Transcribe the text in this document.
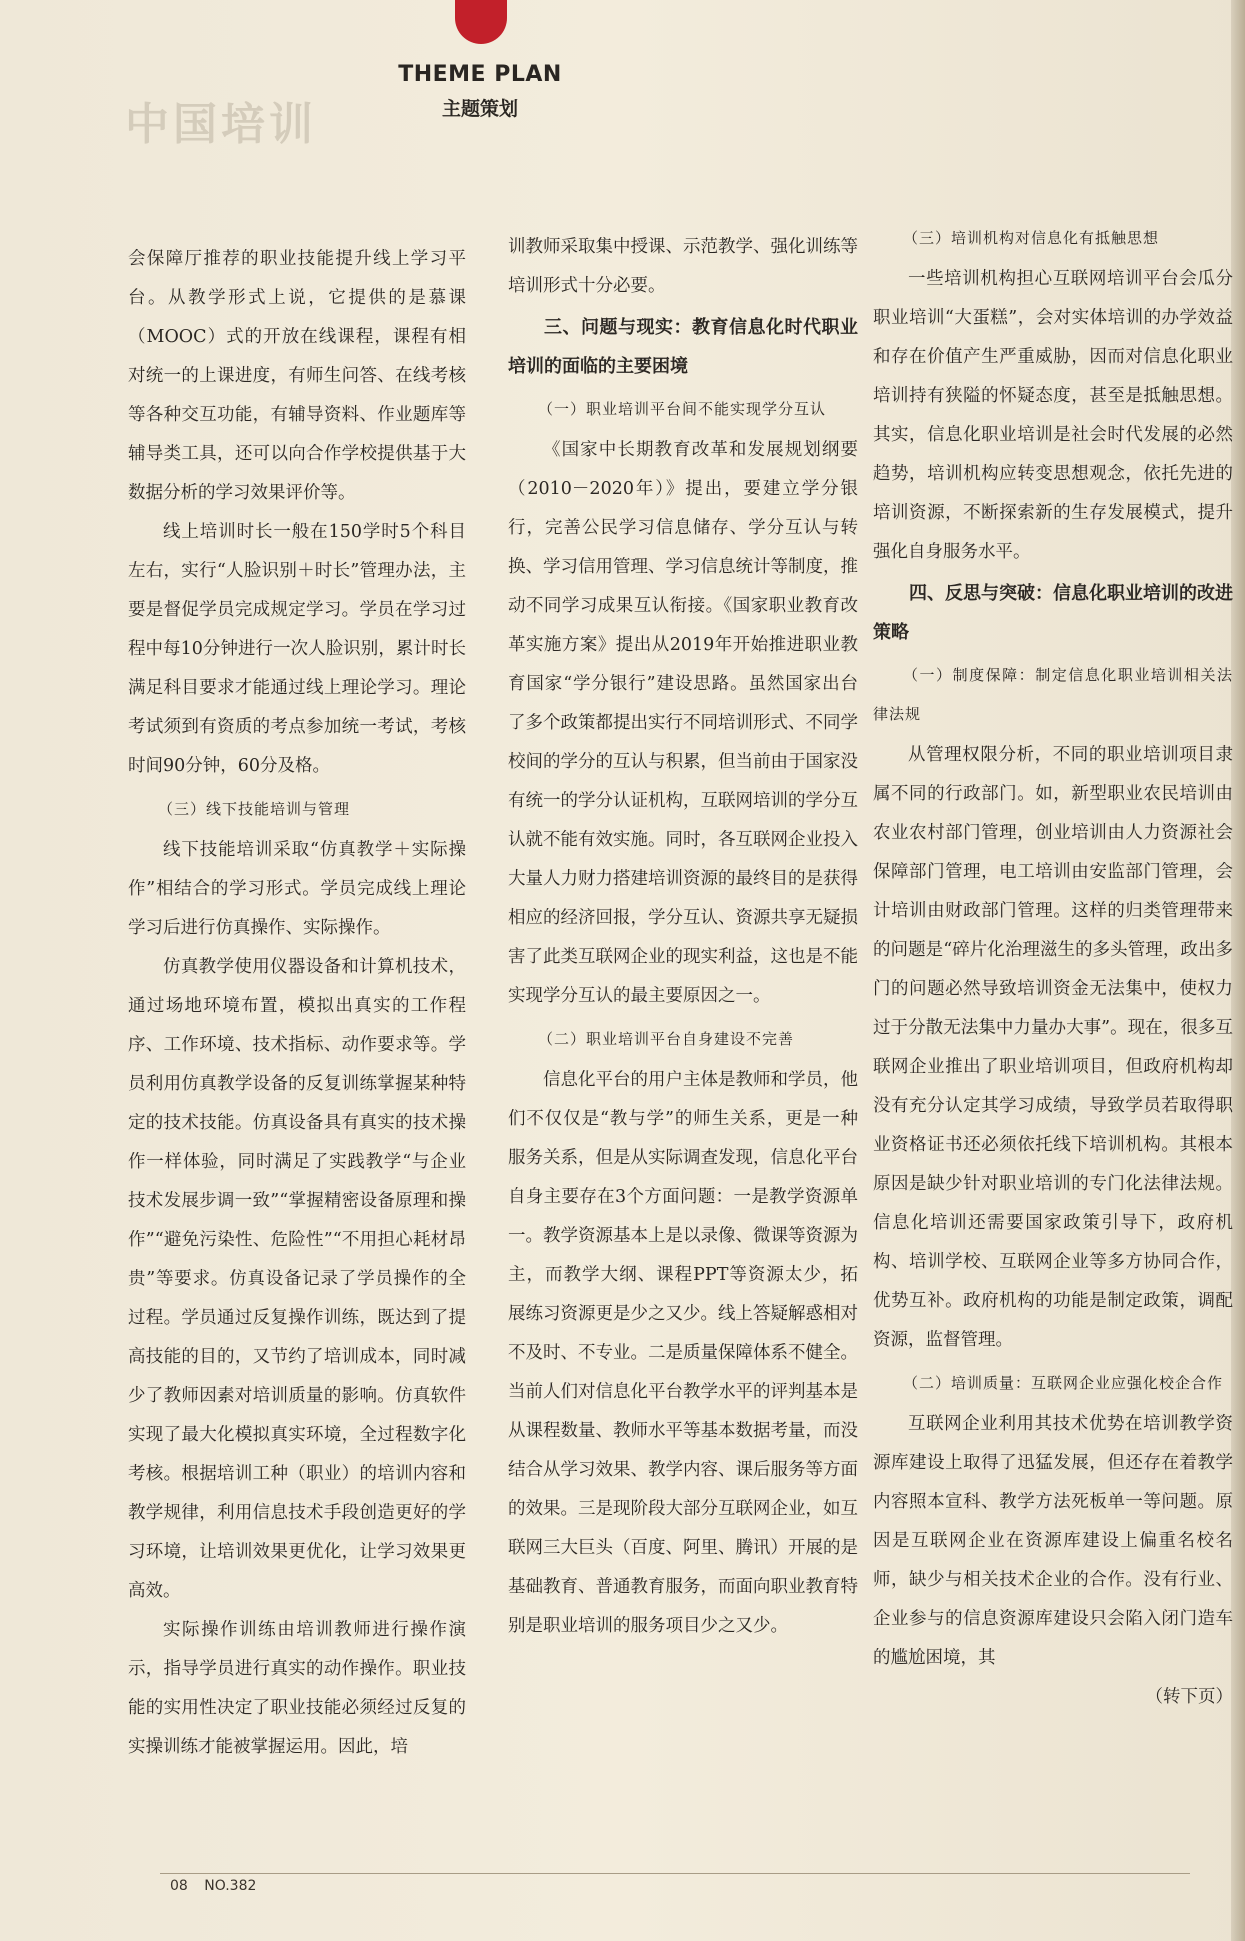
中国培训
THEME PLAN
主题策划

会保障厅推荐的职业技能提升线上学习平台。从教学形式上说，它提供的是慕课（MOOC）式的开放在线课程，课程有相对统一的上课进度，有师生问答、在线考核等各种交互功能，有辅导资料、作业题库等辅导类工具，还可以向合作学校提供基于大数据分析的学习效果评价等。

线上培训时长一般在150学时5个科目左右，实行“人脸识别＋时长”管理办法，主要是督促学员完成规定学习。学员在学习过程中每10分钟进行一次人脸识别，累计时长满足科目要求才能通过线上理论学习。理论考试须到有资质的考点参加统一考试，考核时间90分钟，60分及格。

（三）线下技能培训与管理

线下技能培训采取“仿真教学＋实际操作”相结合的学习形式。学员完成线上理论学习后进行仿真操作、实际操作。

仿真教学使用仪器设备和计算机技术，通过场地环境布置，模拟出真实的工作程序、工作环境、技术指标、动作要求等。学员利用仿真教学设备的反复训练掌握某种特定的技术技能。仿真设备具有真实的技术操作一样体验，同时满足了实践教学“与企业技术发展步调一致”“掌握精密设备原理和操作”“避免污染性、危险性”“不用担心耗材昂贵”等要求。仿真设备记录了学员操作的全过程。学员通过反复操作训练，既达到了提高技能的目的，又节约了培训成本，同时减少了教师因素对培训质量的影响。仿真软件实现了最大化模拟真实环境，全过程数字化考核。根据培训工种（职业）的培训内容和教学规律，利用信息技术手段创造更好的学习环境，让培训效果更优化，让学习效果更高效。

实际操作训练由培训教师进行操作演示，指导学员进行真实的动作操作。职业技能的实用性决定了职业技能必须经过反复的实操训练才能被掌握运用。因此，培

训教师采取集中授课、示范教学、强化训练等培训形式十分必要。

三、问题与现实：教育信息化时代职业培训的面临的主要困境
（一）职业培训平台间不能实现学分互认

《国家中长期教育改革和发展规划纲要（2010－2020年）》提出，要建立学分银行，完善公民学习信息储存、学分互认与转换、学习信用管理、学习信息统计等制度，推动不同学习成果互认衔接。《国家职业教育改革实施方案》提出从2019年开始推进职业教育国家“学分银行”建设思路。虽然国家出台了多个政策都提出实行不同培训形式、不同学校间的学分的互认与积累，但当前由于国家没有统一的学分认证机构，互联网培训的学分互认就不能有效实施。同时，各互联网企业投入大量人力财力搭建培训资源的最终目的是获得相应的经济回报，学分互认、资源共享无疑损害了此类互联网企业的现实利益，这也是不能实现学分互认的最主要原因之一。

（二）职业培训平台自身建设不完善

信息化平台的用户主体是教师和学员，他们不仅仅是“教与学”的师生关系，更是一种服务关系，但是从实际调查发现，信息化平台自身主要存在3个方面问题：一是教学资源单一。教学资源基本上是以录像、微课等资源为主，而教学大纲、课程PPT等资源太少，拓展练习资源更是少之又少。线上答疑解惑相对不及时、不专业。二是质量保障体系不健全。当前人们对信息化平台教学水平的评判基本是从课程数量、教师水平等基本数据考量，而没结合从学习效果、教学内容、课后服务等方面的效果。三是现阶段大部分互联网企业，如互联网三大巨头（百度、阿里、腾讯）开展的是基础教育、普通教育服务，而面向职业教育特别是职业培训的服务项目少之又少。

（三）培训机构对信息化有抵触思想

一些培训机构担心互联网培训平台会瓜分职业培训“大蛋糕”，会对实体培训的办学效益和存在价值产生严重威胁，因而对信息化职业培训持有狭隘的怀疑态度，甚至是抵触思想。其实，信息化职业培训是社会时代发展的必然趋势，培训机构应转变思想观念，依托先进的培训资源，不断探索新的生存发展模式，提升强化自身服务水平。

四、反思与突破：信息化职业培训的改进策略
（一）制度保障：制定信息化职业培训相关法律法规

从管理权限分析，不同的职业培训项目隶属不同的行政部门。如，新型职业农民培训由农业农村部门管理，创业培训由人力资源社会保障部门管理，电工培训由安监部门管理，会计培训由财政部门管理。这样的归类管理带来的问题是“碎片化治理滋生的多头管理，政出多门的问题必然导致培训资金无法集中，使权力过于分散无法集中力量办大事”。现在，很多互联网企业推出了职业培训项目，但政府机构却没有充分认定其学习成绩，导致学员若取得职业资格证书还必须依托线下培训机构。其根本原因是缺少针对职业培训的专门化法律法规。信息化培训还需要国家政策引导下，政府机构、培训学校、互联网企业等多方协同合作，优势互补。政府机构的功能是制定政策，调配资源，监督管理。

（二）培训质量：互联网企业应强化校企合作

互联网企业利用其技术优势在培训教学资源库建设上取得了迅猛发展，但还存在着教学内容照本宣科、教学方法死板单一等问题。原因是互联网企业在资源库建设上偏重名校名师，缺少与相关技术企业的合作。没有行业、企业参与的信息资源库建设只会陷入闭门造车的尴尬困境，其

（转下页）

08 NO.382
